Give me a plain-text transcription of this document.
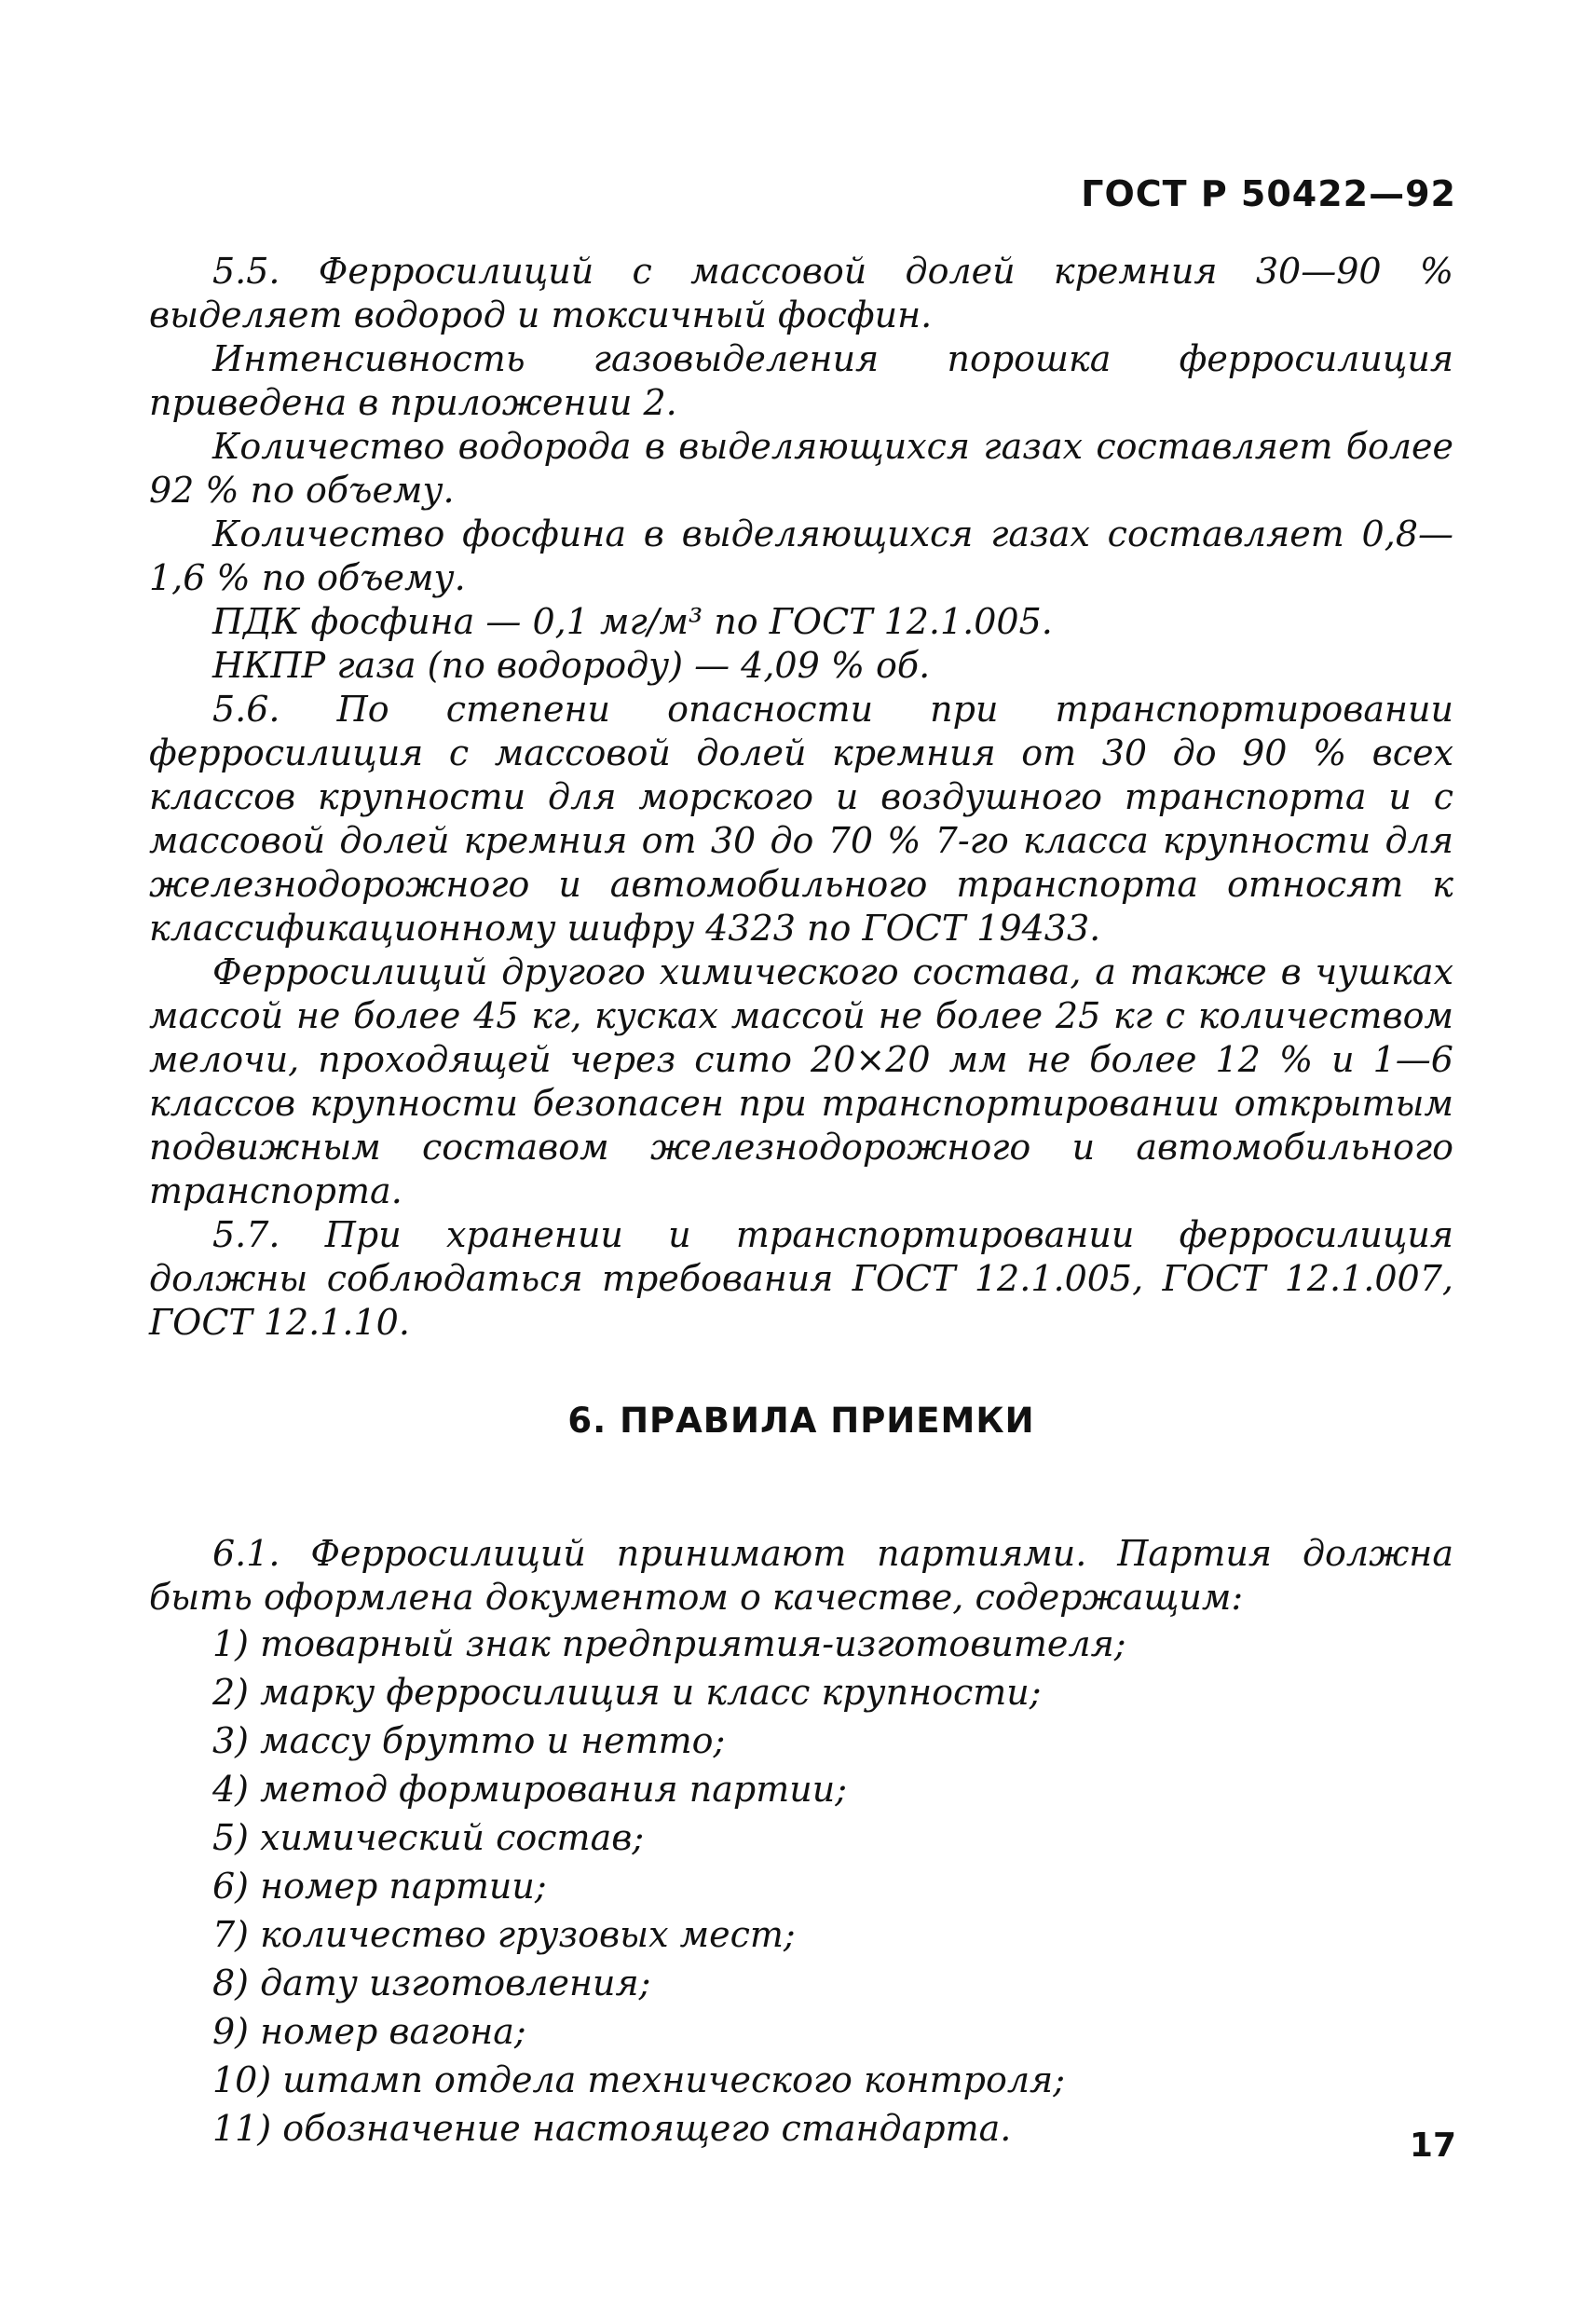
ГОСТ Р 50422—92

5.5. Ферросилиций с массовой долей кремния 30—90 % выделяет водород и токсичный фосфин.

Интенсивность газовыделения порошка ферросилиция приведена в приложении 2.

Количество водорода в выделяющихся газах составляет более 92 % по объему.

Количество фосфина в выделяющихся газах составляет 0,8—1,6 % по объему.

ПДК фосфина — 0,1 мг/м³ по ГОСТ 12.1.005.

НКПР газа (по водороду) — 4,09 % об.

5.6. По степени опасности при транспортировании ферросилиция с массовой долей кремния от 30 до 90 % всех классов крупности для морского и воздушного транспорта и с массовой долей кремния от 30 до 70 % 7-го класса крупности для железнодорожного и автомобильного транспорта относят к классификационному шифру 4323 по ГОСТ 19433.

Ферросилиций другого химического состава, а также в чушках массой не более 45 кг, кусках массой не более 25 кг с количеством мелочи, проходящей через сито 20×20 мм не более 12 % и 1—6 классов крупности безопасен при транспортировании открытым подвижным составом железнодорожного и автомобильного транспорта.

5.7. При хранении и транспортировании ферросилиция должны соблюдаться требования ГОСТ 12.1.005, ГОСТ 12.1.007, ГОСТ 12.1.10.

6. ПРАВИЛА ПРИЕМКИ

6.1. Ферросилиций принимают партиями. Партия должна быть оформлена документом о качестве, содержащим:

1) товарный знак предприятия-изготовителя;

2) марку ферросилиция и класс крупности;

3) массу брутто и нетто;

4) метод формирования партии;

5) химический состав;

6) номер партии;

7) количество грузовых мест;

8) дату изготовления;

9) номер вагона;

10) штамп отдела технического контроля;

11) обозначение настоящего стандарта.	17
